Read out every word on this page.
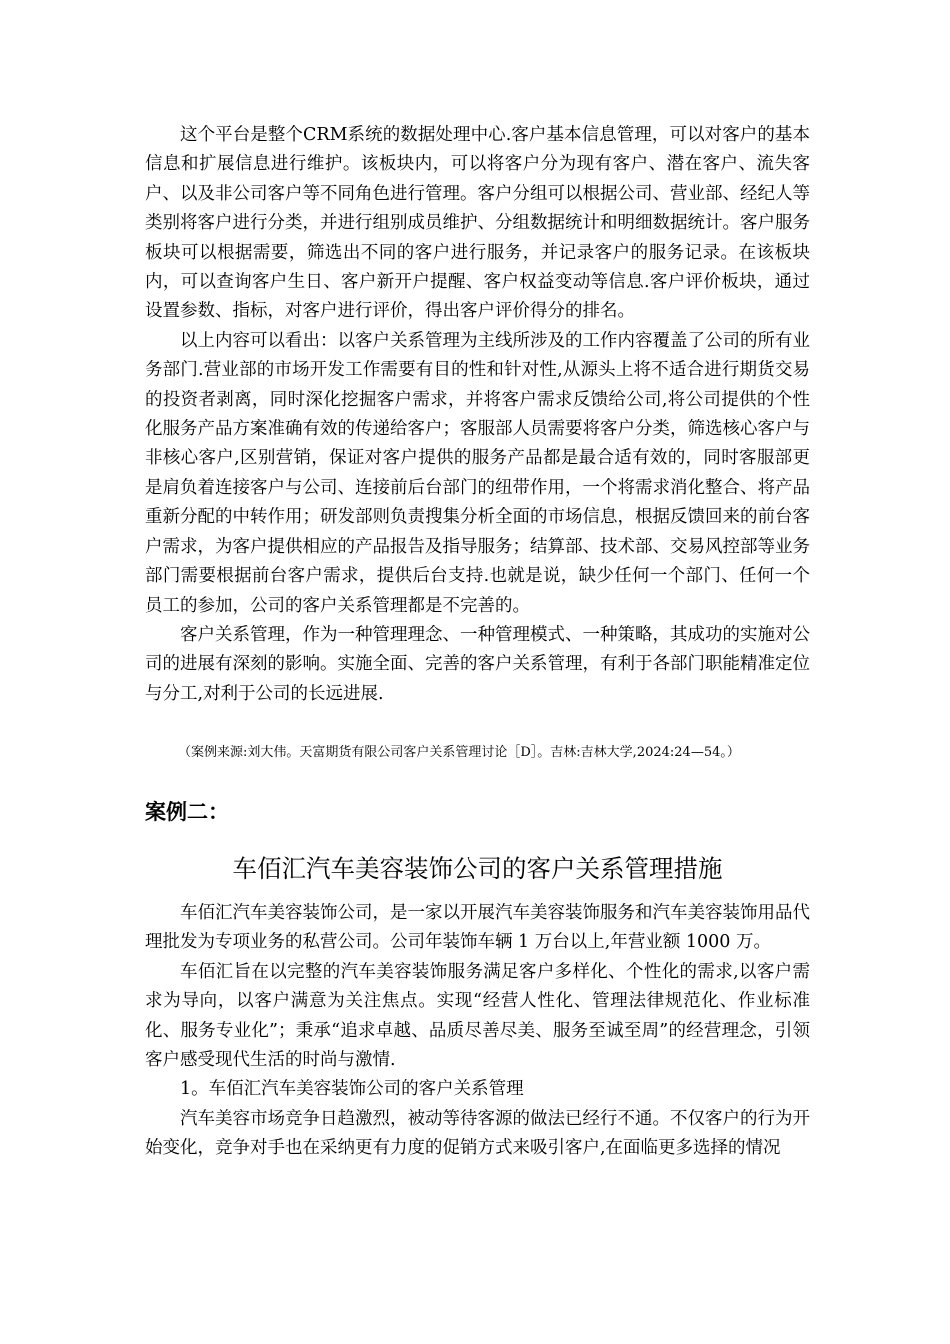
这个平台是整个CRM系统的数据处理中心.客户基本信息管理，可以对客户的基本信息和扩展信息进行维护。该板块内，可以将客户分为现有客户、潜在客户、流失客户、以及非公司客户等不同角色进行管理。客户分组可以根据公司、营业部、经纪人等类别将客户进行分类，并进行组别成员维护、分组数据统计和明细数据统计。客户服务板块可以根据需要，筛选出不同的客户进行服务，并记录客户的服务记录。在该板块内，可以查询客户生日、客户新开户提醒、客户权益变动等信息.客户评价板块，通过设置参数、指标，对客户进行评价，得出客户评价得分的排名。

以上内容可以看出：以客户关系管理为主线所涉及的工作内容覆盖了公司的所有业务部门.营业部的市场开发工作需要有目的性和针对性,从源头上将不适合进行期货交易的投资者剥离，同时深化挖掘客户需求，并将客户需求反馈给公司,将公司提供的个性化服务产品方案准确有效的传递给客户；客服部人员需要将客户分类，筛选核心客户与非核心客户,区别营销，保证对客户提供的服务产品都是最合适有效的，同时客服部更是肩负着连接客户与公司、连接前后台部门的纽带作用，一个将需求消化整合、将产品重新分配的中转作用；研发部则负责搜集分析全面的市场信息，根据反馈回来的前台客户需求，为客户提供相应的产品报告及指导服务；结算部、技术部、交易风控部等业务部门需要根据前台客户需求，提供后台支持.也就是说，缺少任何一个部门、任何一个员工的参加，公司的客户关系管理都是不完善的。

客户关系管理，作为一种管理理念、一种管理模式、一种策略，其成功的实施对公司的进展有深刻的影响。实施全面、完善的客户关系管理，有利于各部门职能精准定位与分工,对利于公司的长远进展.

（案例来源:刘大伟。天富期货有限公司客户关系管理讨论［D］。吉林:吉林大学,2024:24—54。）
案例二：
车佰汇汽车美容装饰公司的客户关系管理措施

车佰汇汽车美容装饰公司，是一家以开展汽车美容装饰服务和汽车美容装饰用品代理批发为专项业务的私营公司。公司年装饰车辆 1 万台以上,年营业额 1000 万。

车佰汇旨在以完整的汽车美容装饰服务满足客户多样化、个性化的需求,以客户需求为导向，以客户满意为关注焦点。实现“经营人性化、管理法律规范化、作业标准化、服务专业化”；秉承“追求卓越、品质尽善尽美、服务至诚至周”的经营理念，引领客户感受现代生活的时尚与激情.

1。车佰汇汽车美容装饰公司的客户关系管理

汽车美容市场竞争日趋激烈，被动等待客源的做法已经行不通。不仅客户的行为开始变化，竞争对手也在采纳更有力度的促销方式来吸引客户,在面临更多选择的情况
